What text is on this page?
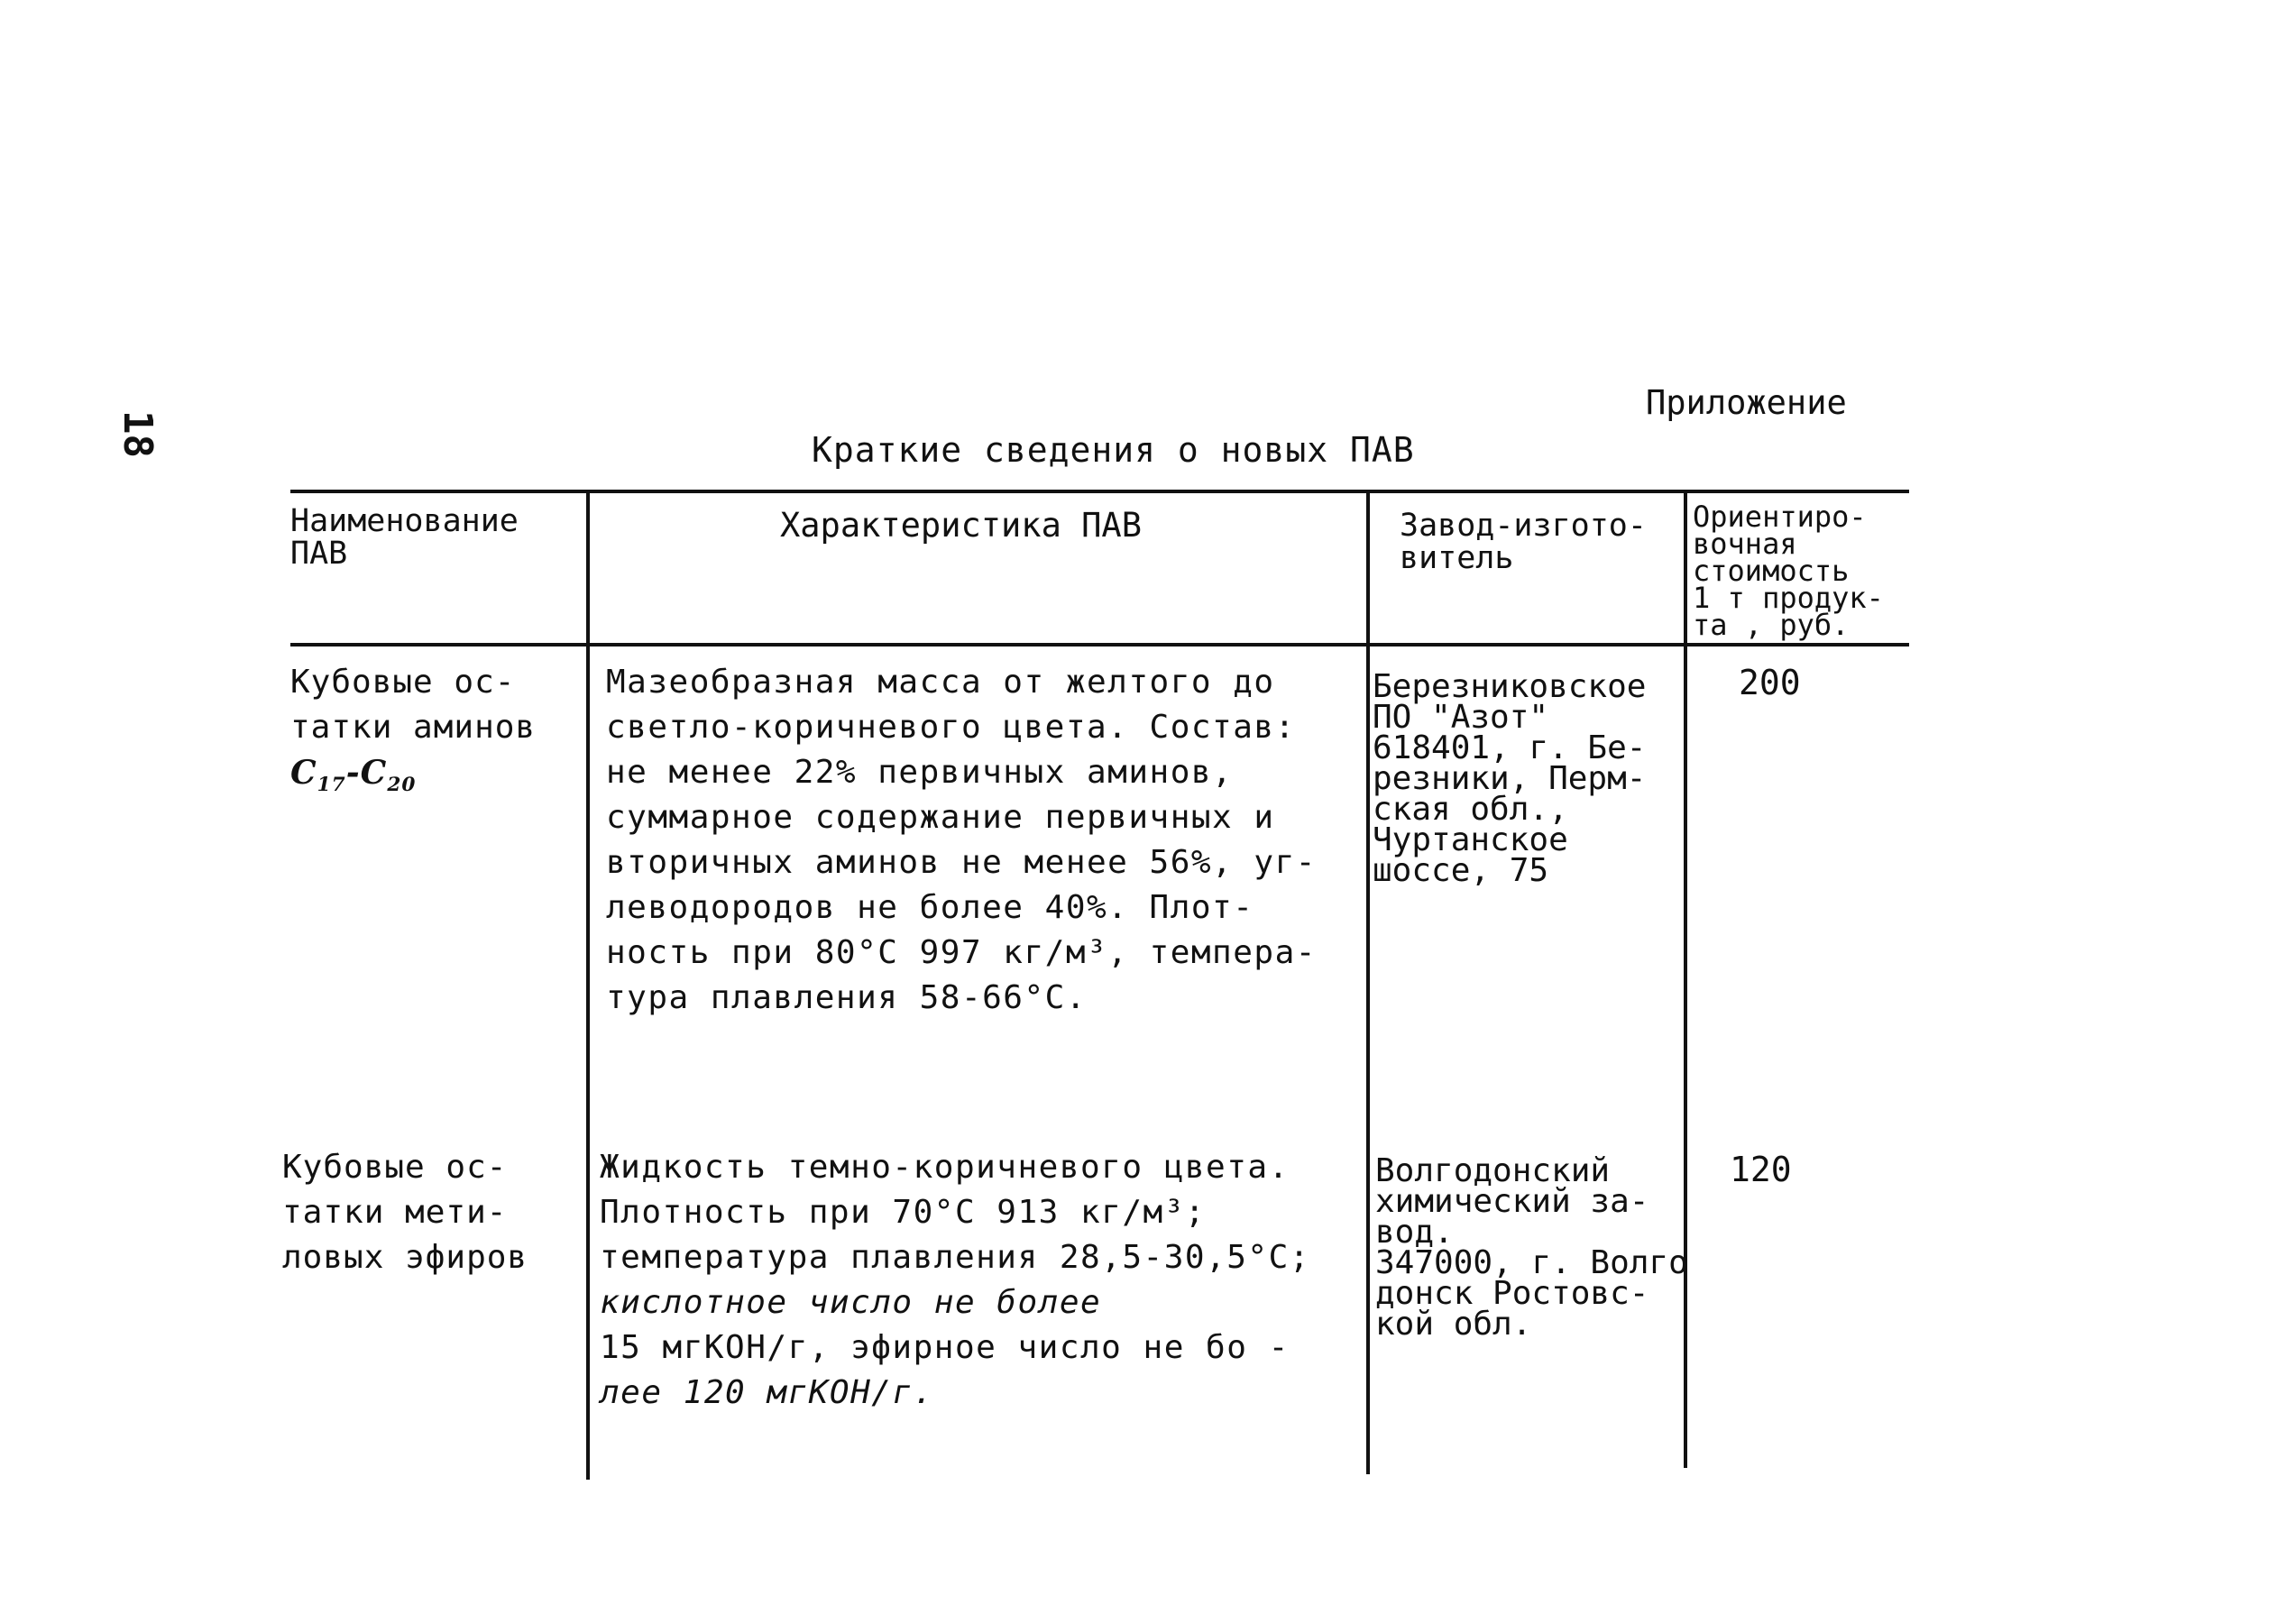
18
Приложение
Краткие сведения о новых ПАВ
Наименование
ПАВ
Характеристика ПАВ	Завод-изгото-
витель
Ориентиро-
вочная
стоимость
1 т продук-
та , руб.
Кубовые ос-
татки аминов
$C_{17}-C_{20}$
Мазеобразная масса от желтого до
светло-коричневого цвета. Состав:
не менее 22% первичных аминов,
суммарное содержание первичных и
вторичных аминов не менее 56%, уг-
леводородов не более 40%. Плот-
ность при 80°С 997 кг/м³, темпера-
тура плавления 58-66°С.
Березниковское
ПО "Азот"
618401, г. Бе-
резники, Перм-
ская обл.,
Чуртанское
шоссе, 75
200
Кубовые ос-
татки мети-
ловых эфиров
Жидкость темно-коричневого цвета.
Плотность при 70°С 913 кг/м³;
температура плавления 28,5-30,5°С;
кислотное число не более
15 мгКОН/г, эфирное число не бо -
лее 120 мгКОН/г.
Волгодонский
химический за-
вод.
347000, г. Волго
донск Ростовс-
кой обл.
120
